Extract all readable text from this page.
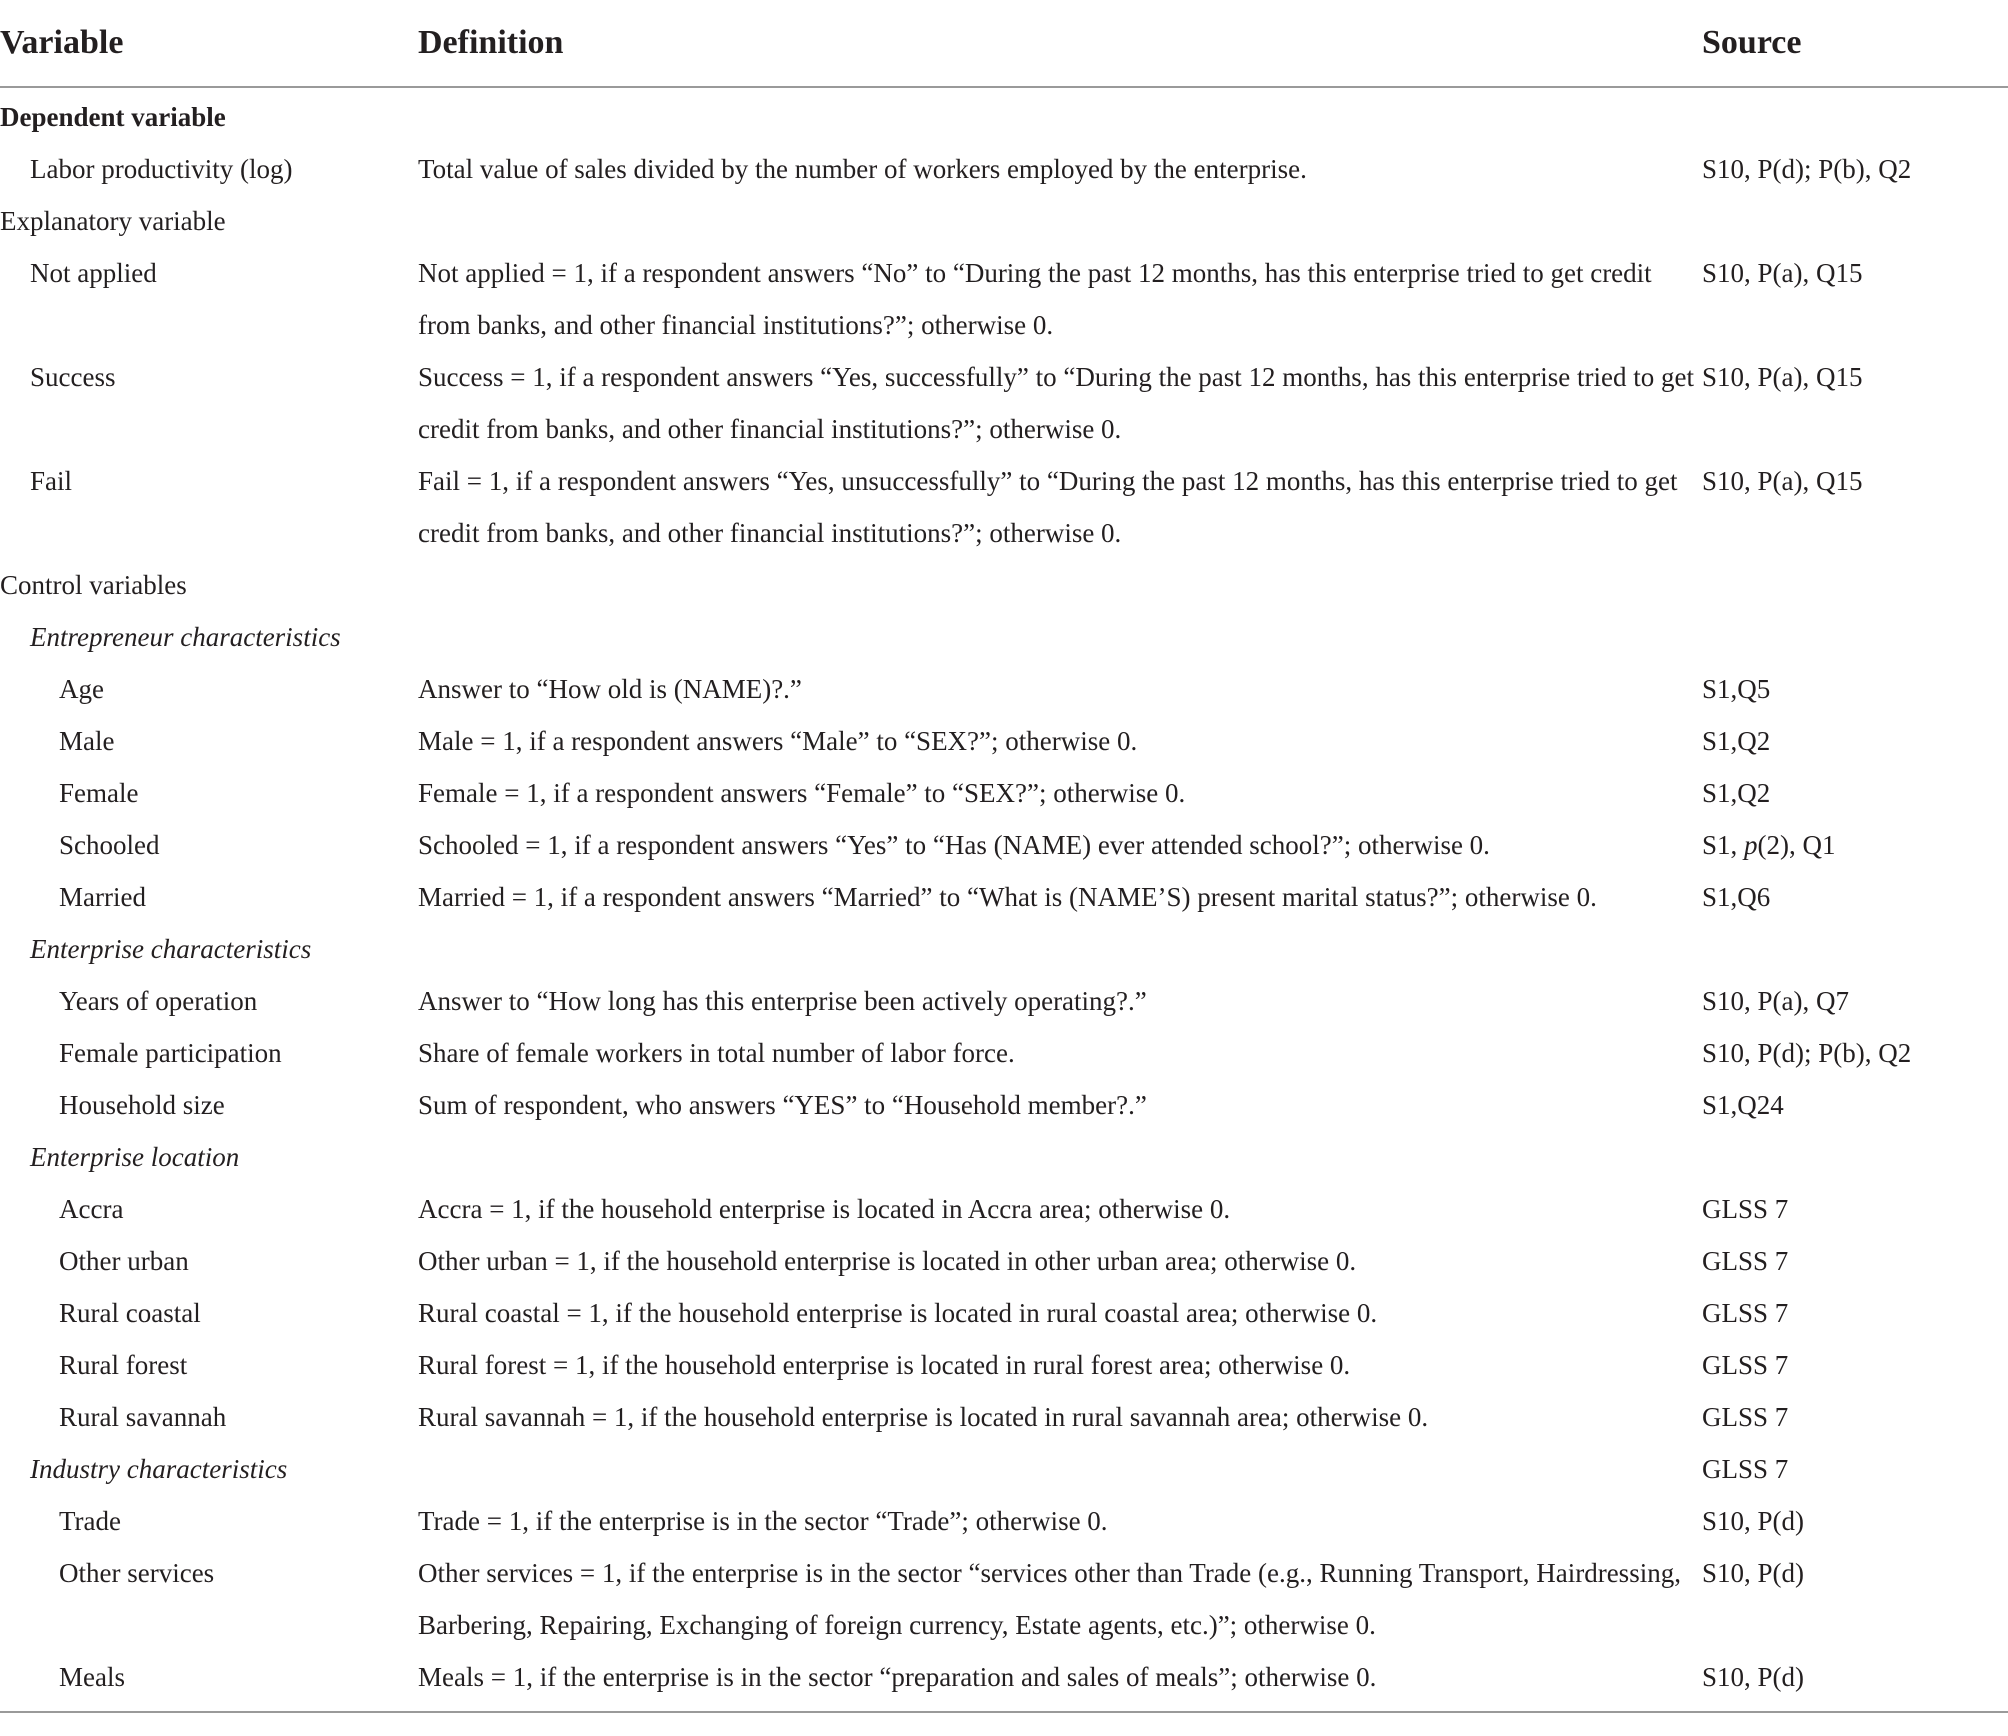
Variable	Definition	Source
Dependent variable		
Labor productivity (log)	Total value of sales divided by the number of workers employed by the enterprise.	S10, P(d); P(b), Q2
Explanatory variable		
Not applied	Not applied = 1, if a respondent answers “No” to “During the past 12 months, has this enterprise tried to get credit from banks, and other financial institutions?”; otherwise 0.	S10, P(a), Q15
Success	Success = 1, if a respondent answers “Yes, successfully” to “During the past 12 months, has this enterprise tried to get credit from banks, and other financial institutions?”; otherwise 0.	S10, P(a), Q15
Fail	Fail = 1, if a respondent answers “Yes, unsuccessfully” to “During the past 12 months, has this enterprise tried to get credit from banks, and other financial institutions?”; otherwise 0.	S10, P(a), Q15
Control variables		
Entrepreneur characteristics		
Age	Answer to “How old is (NAME)?.”	S1,Q5
Male	Male = 1, if a respondent answers “Male” to “SEX?”; otherwise 0.	S1,Q2
Female	Female = 1, if a respondent answers “Female” to “SEX?”; otherwise 0.	S1,Q2
Schooled	Schooled = 1, if a respondent answers “Yes” to “Has (NAME) ever attended school?”; otherwise 0.	S1, p(2), Q1
Married	Married = 1, if a respondent answers “Married” to “What is (NAME’S) present marital status?”; otherwise 0.	S1,Q6
Enterprise characteristics		
Years of operation	Answer to “How long has this enterprise been actively operating?.”	S10, P(a), Q7
Female participation	Share of female workers in total number of labor force.	S10, P(d); P(b), Q2
Household size	Sum of respondent, who answers “YES” to “Household member?.”	S1,Q24
Enterprise location		
Accra	Accra = 1, if the household enterprise is located in Accra area; otherwise 0.	GLSS 7
Other urban	Other urban = 1, if the household enterprise is located in other urban area; otherwise 0.	GLSS 7
Rural coastal	Rural coastal = 1, if the household enterprise is located in rural coastal area; otherwise 0.	GLSS 7
Rural forest	Rural forest = 1, if the household enterprise is located in rural forest area; otherwise 0.	GLSS 7
Rural savannah	Rural savannah = 1, if the household enterprise is located in rural savannah area; otherwise 0.	GLSS 7
Industry characteristics		GLSS 7
Trade	Trade = 1, if the enterprise is in the sector “Trade”; otherwise 0.	S10, P(d)
Other services	Other services = 1, if the enterprise is in the sector “services other than Trade (e.g., Running Transport, Hairdressing, Barbering, Repairing, Exchanging of foreign currency, Estate agents, etc.)”; otherwise 0.	S10, P(d)
Meals	Meals = 1, if the enterprise is in the sector “preparation and sales of meals”; otherwise 0.	S10, P(d)
